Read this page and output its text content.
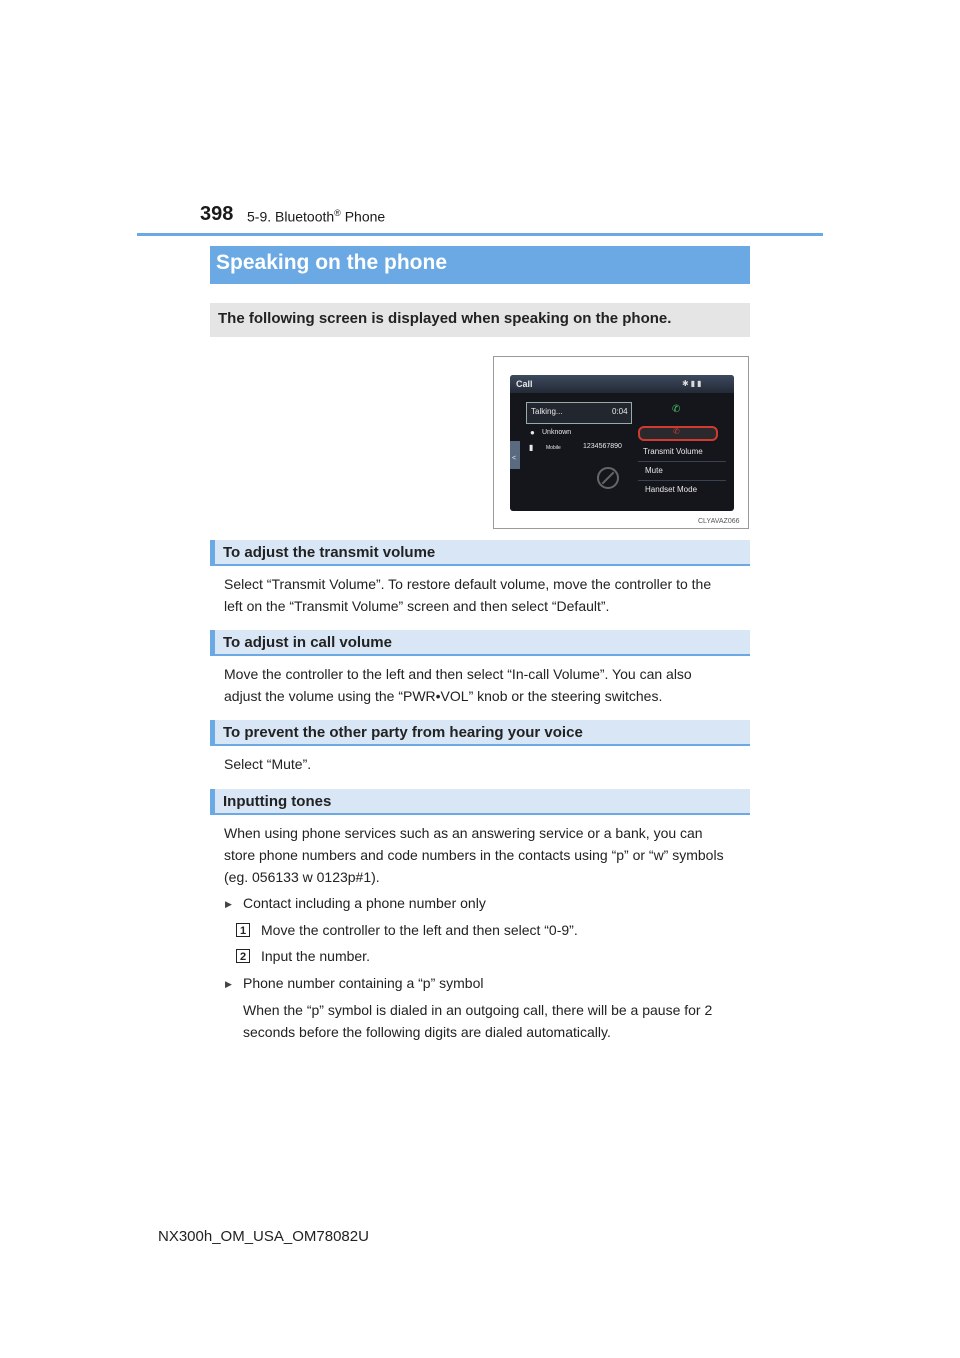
398 5-9. Bluetooth® Phone
Speaking on the phone
The following screen is displayed when speaking on the phone.
Call	✱▮▮
Talking...	0:04
● Unknown
▮	Mobile	1234567890
<
✆
✆
Transmit Volume
Mute
Handset Mode
CLYAVAZ066
To adjust the transmit volume
Select “Transmit Volume”. To restore default volume, move the controller to the
left on the “Transmit Volume” screen and then select “Default”.
To adjust in call volume
Move the controller to the left and then select “In-call Volume”. You can also
adjust the volume using the “PWR•VOL” knob or the steering switches.
To prevent the other party from hearing your voice
Select “Mute”.
Inputting tones
When using phone services such as an answering service or a bank, you can
store phone numbers and code numbers in the contacts using “p” or “w” symbols
(eg. 056133 w 0123p#1).
▶ Contact including a phone number only
1 Move the controller to the left and then select “0-9”.
2 Input the number.
▶ Phone number containing a “p” symbol
When the “p” symbol is dialed in an outgoing call, there will be a pause for 2
seconds before the following digits are dialed automatically.
NX300h_OM_USA_OM78082U
